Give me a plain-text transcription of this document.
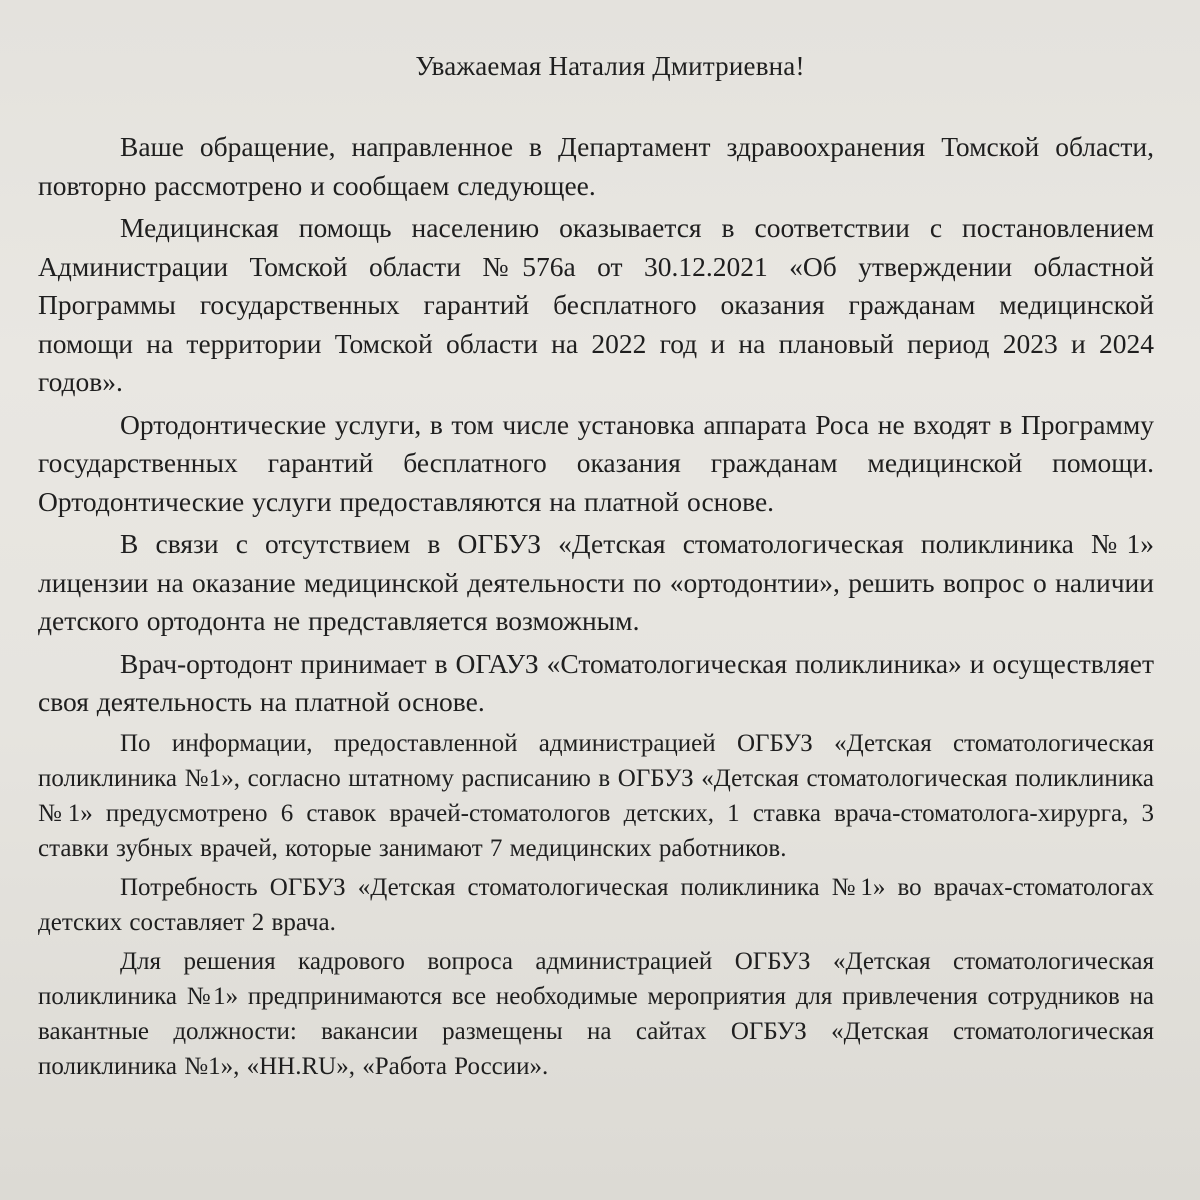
Уважаемая Наталия Дмитриевна!

Ваше обращение, направленное в Департамент здравоохранения Томской области, повторно рассмотрено и сообщаем следующее.

Медицинская помощь населению оказывается в соответствии с постановлением Администрации Томской области №576а от 30.12.2021 «Об утверждении областной Программы государственных гарантий бесплатного оказания гражданам медицинской помощи на территории Томской области на 2022 год и на плановый период 2023 и 2024 годов».

Ортодонтические услуги, в том числе установка аппарата Роса не входят в Программу государственных гарантий бесплатного оказания гражданам медицинской помощи. Ортодонтические услуги предоставляются на платной основе.

В связи с отсутствием в ОГБУЗ «Детская стоматологическая поликлиника №1» лицензии на оказание медицинской деятельности по «ортодонтии», решить вопрос о наличии детского ортодонта не представляется возможным.

Врач-ортодонт принимает в ОГАУЗ «Стоматологическая поликлиника» и осуществляет своя деятельность на платной основе.

По информации, предоставленной администрацией ОГБУЗ «Детская стоматологическая поликлиника №1», согласно штатному расписанию в ОГБУЗ «Детская стоматологическая поликлиника №1» предусмотрено 6 ставок врачей-стоматологов детских, 1 ставка врача-стоматолога-хирурга, 3 ставки зубных врачей, которые занимают 7 медицинских работников.

Потребность ОГБУЗ «Детская стоматологическая поликлиника №1» во врачах-стоматологах детских составляет 2 врача.

Для решения кадрового вопроса администрацией ОГБУЗ «Детская стоматологическая поликлиника №1» предпринимаются все необходимые мероприятия для привлечения сотрудников на вакантные должности: вакансии размещены на сайтах ОГБУЗ «Детская стоматологическая поликлиника №1», «HH.RU», «Работа России».
